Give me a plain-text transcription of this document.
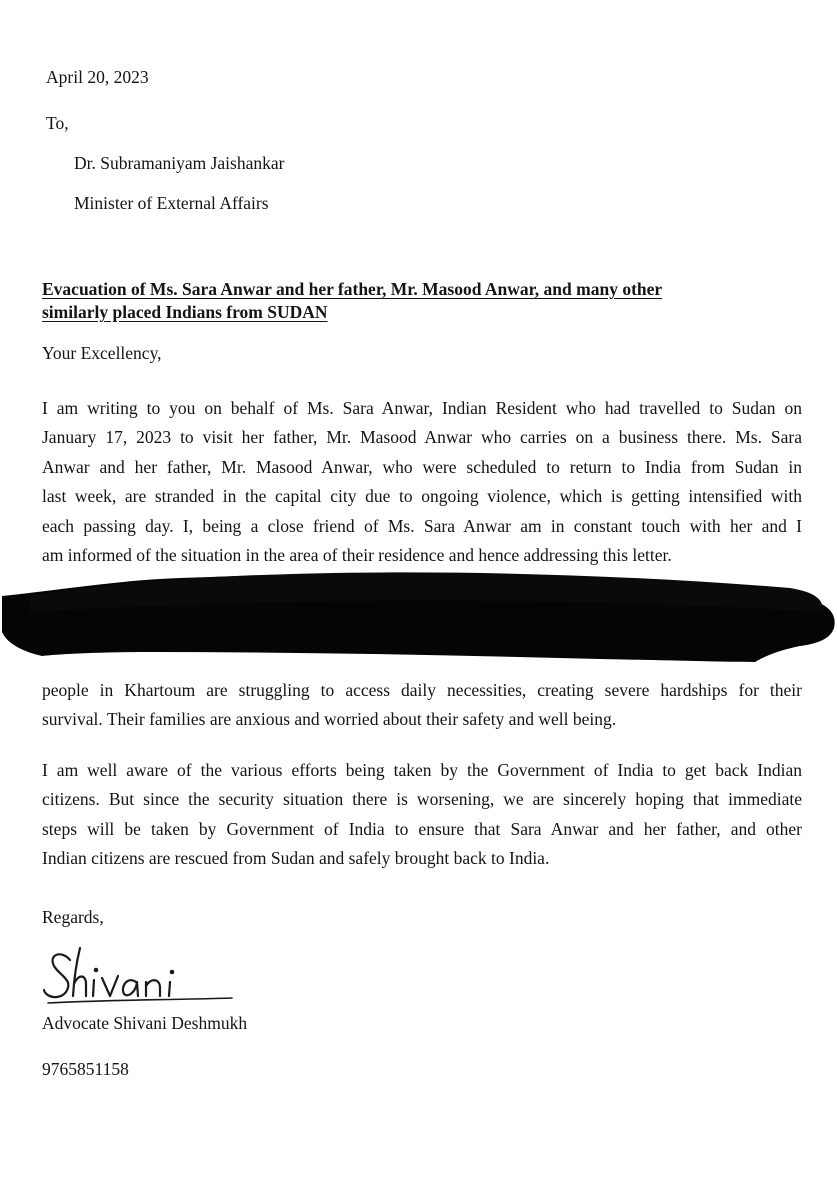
April 20, 2023
To,
Dr. Subramaniyam Jaishankar
Minister of External Affairs
Evacuation of Ms. Sara Anwar and her father, Mr. Masood Anwar, and many other
similarly placed Indians from SUDAN
Your Excellency,
I am writing to you on behalf of Ms. Sara Anwar, Indian Resident who had travelled to Sudan on
January 17, 2023 to visit her father, Mr. Masood Anwar who carries on a business there. Ms. Sara
Anwar and her father, Mr. Masood Anwar, who were scheduled to return to India from Sudan in
last week, are stranded in the capital city due to ongoing violence, which is getting intensified with
each passing day. I, being a close friend of Ms. Sara Anwar am in constant touch with her and I
am informed of the situation in the area of their residence and hence addressing this letter.
people in Khartoum are struggling to access daily necessities, creating severe hardships for their
survival. Their families are anxious and worried about their safety and well being.
I am well aware of the various efforts being taken by the Government of India to get back Indian
citizens. But since the security situation there is worsening, we are sincerely hoping that immediate
steps will be taken by Government of India to ensure that Sara Anwar and her father, and other
Indian citizens are rescued from Sudan and safely brought back to India.
Regards,
Advocate Shivani Deshmukh
9765851158
